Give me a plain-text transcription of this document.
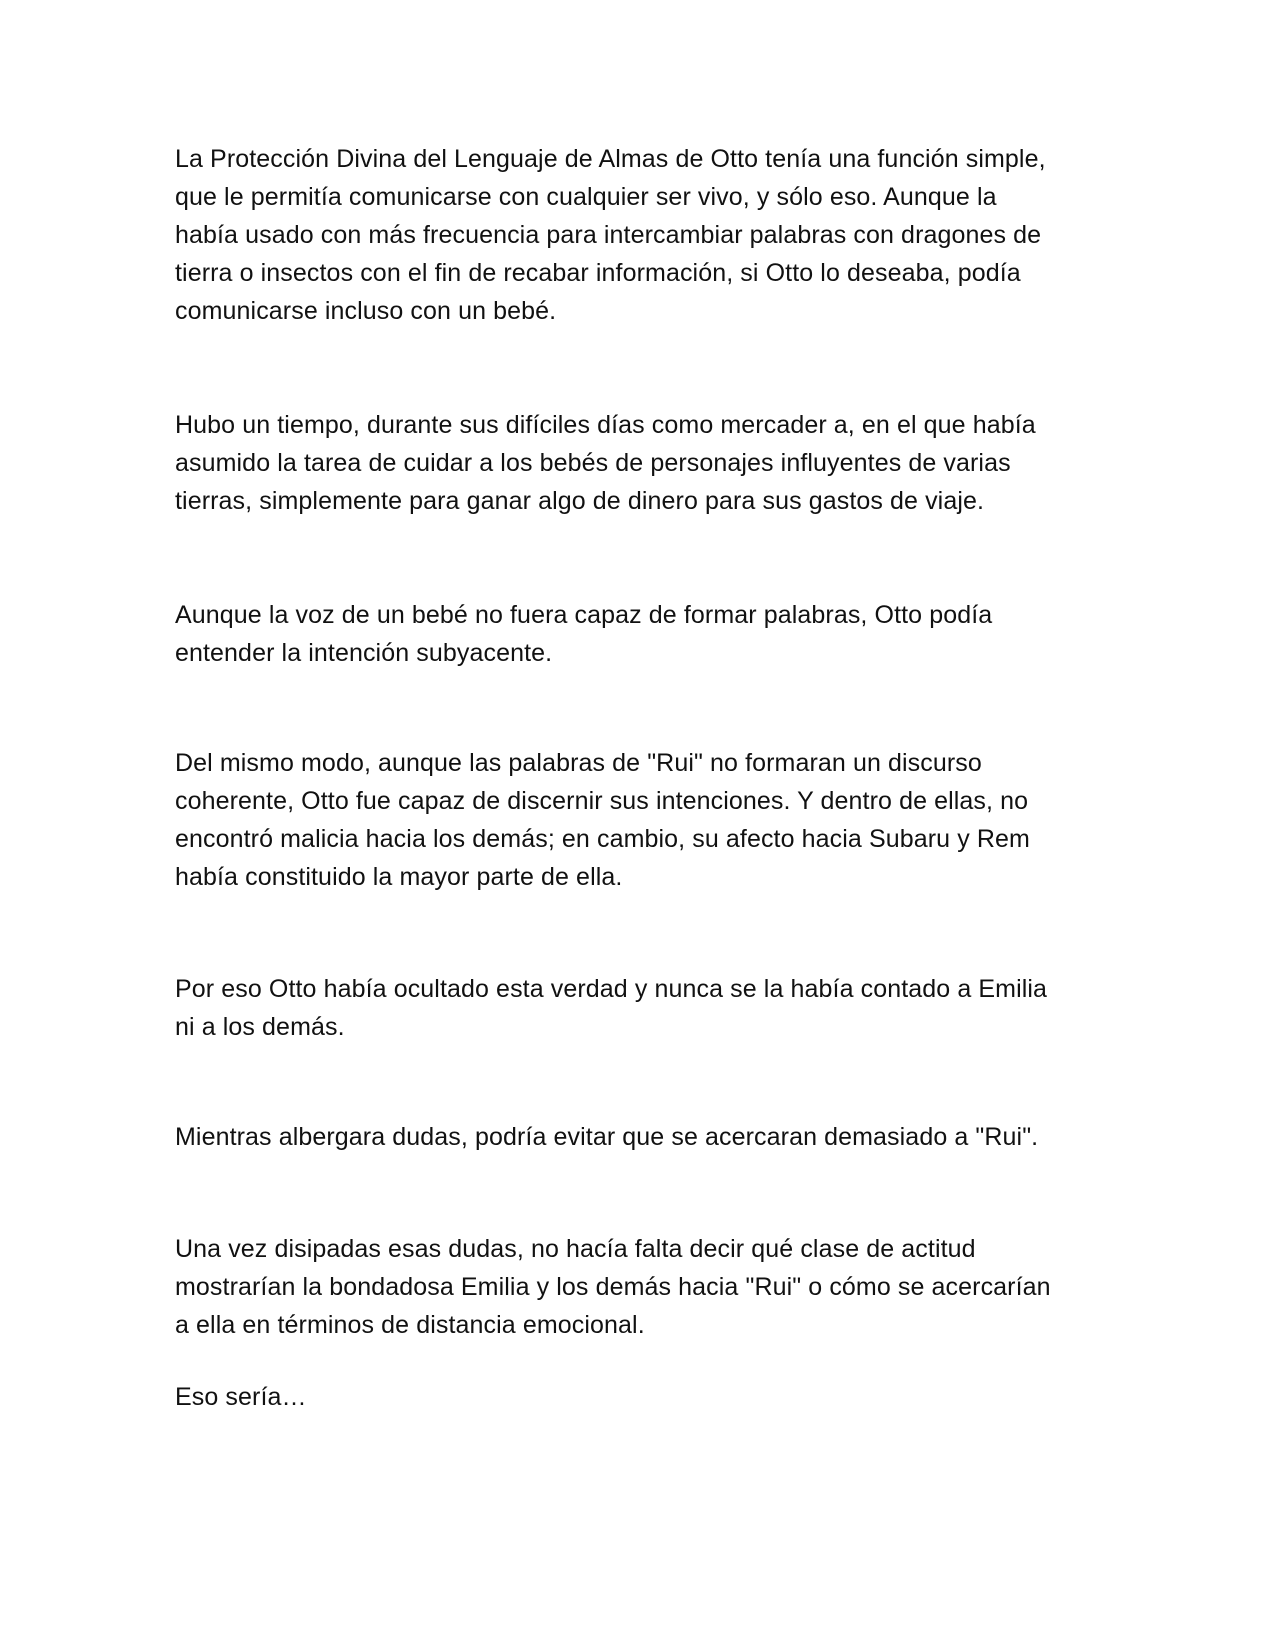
La Protección Divina del Lenguaje de Almas de Otto tenía una función simple,
que le permitía comunicarse con cualquier ser vivo, y sólo eso. Aunque la
había usado con más frecuencia para intercambiar palabras con dragones de
tierra o insectos con el fin de recabar información, si Otto lo deseaba, podía
comunicarse incluso con un bebé.

Hubo un tiempo, durante sus difíciles días como mercader a, en el que había
asumido la tarea de cuidar a los bebés de personajes influyentes de varias
tierras, simplemente para ganar algo de dinero para sus gastos de viaje.

Aunque la voz de un bebé no fuera capaz de formar palabras, Otto podía
entender la intención subyacente.

Del mismo modo, aunque las palabras de "Rui" no formaran un discurso
coherente, Otto fue capaz de discernir sus intenciones. Y dentro de ellas, no
encontró malicia hacia los demás; en cambio, su afecto hacia Subaru y Rem
había constituido la mayor parte de ella.

Por eso Otto había ocultado esta verdad y nunca se la había contado a Emilia
ni a los demás.

Mientras albergara dudas, podría evitar que se acercaran demasiado a "Rui".

Una vez disipadas esas dudas, no hacía falta decir qué clase de actitud
mostrarían la bondadosa Emilia y los demás hacia "Rui" o cómo se acercarían
a ella en términos de distancia emocional.

Eso sería…
